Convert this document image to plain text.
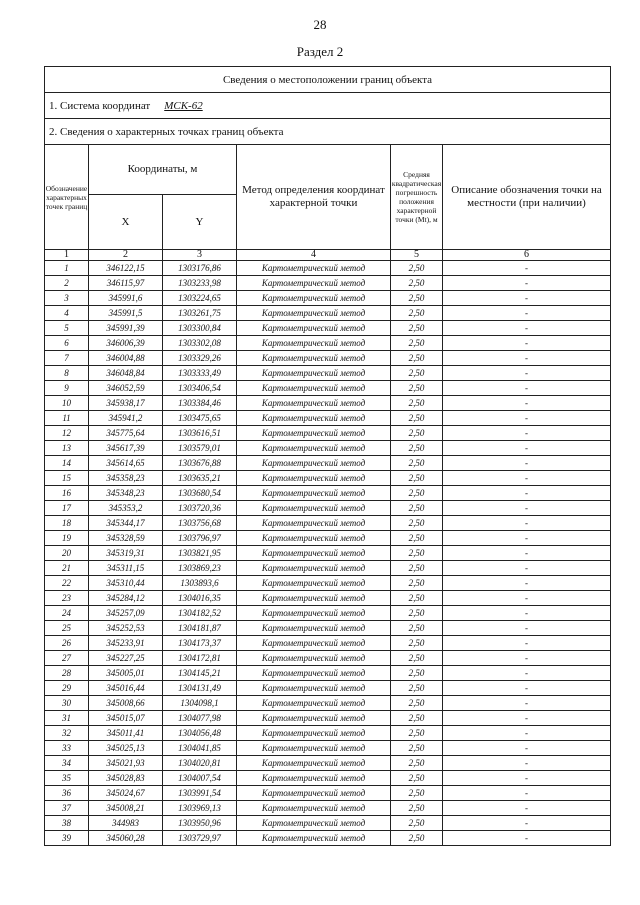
28
Раздел 2
Сведения о местоположении границ объекта					
1. Система координат МСК-62					
2. Сведения о характерных точках границ объекта					
Обозначение характерных точек границ	Координаты, м		Метод определения координат характерной точки	Средняя квадратическая погрешность положения характерной точки (Mt), м	Описание обозначения точки на местности (при наличии)
	X	Y			
1	2	3	4	5	6
1	346122,15	1303176,86	Картометрический метод	2,50	-
2	346115,97	1303233,98	Картометрический метод	2,50	-
3	345991,6	1303224,65	Картометрический метод	2,50	-
4	345991,5	1303261,75	Картометрический метод	2,50	-
5	345991,39	1303300,84	Картометрический метод	2,50	-
6	346006,39	1303302,08	Картометрический метод	2,50	-
7	346004,88	1303329,26	Картометрический метод	2,50	-
8	346048,84	1303333,49	Картометрический метод	2,50	-
9	346052,59	1303406,54	Картометрический метод	2,50	-
10	345938,17	1303384,46	Картометрический метод	2,50	-
11	345941,2	1303475,65	Картометрический метод	2,50	-
12	345775,64	1303616,51	Картометрический метод	2,50	-
13	345617,39	1303579,01	Картометрический метод	2,50	-
14	345614,65	1303676,88	Картометрический метод	2,50	-
15	345358,23	1303635,21	Картометрический метод	2,50	-
16	345348,23	1303680,54	Картометрический метод	2,50	-
17	345353,2	1303720,36	Картометрический метод	2,50	-
18	345344,17	1303756,68	Картометрический метод	2,50	-
19	345328,59	1303796,97	Картометрический метод	2,50	-
20	345319,31	1303821,95	Картометрический метод	2,50	-
21	345311,15	1303869,23	Картометрический метод	2,50	-
22	345310,44	1303893,6	Картометрический метод	2,50	-
23	345284,12	1304016,35	Картометрический метод	2,50	-
24	345257,09	1304182,52	Картометрический метод	2,50	-
25	345252,53	1304181,87	Картометрический метод	2,50	-
26	345233,91	1304173,37	Картометрический метод	2,50	-
27	345227,25	1304172,81	Картометрический метод	2,50	-
28	345005,01	1304145,21	Картометрический метод	2,50	-
29	345016,44	1304131,49	Картометрический метод	2,50	-
30	345008,66	1304098,1	Картометрический метод	2,50	-
31	345015,07	1304077,98	Картометрический метод	2,50	-
32	345011,41	1304056,48	Картометрический метод	2,50	-
33	345025,13	1304041,85	Картометрический метод	2,50	-
34	345021,93	1304020,81	Картометрический метод	2,50	-
35	345028,83	1304007,54	Картометрический метод	2,50	-
36	345024,67	1303991,54	Картометрический метод	2,50	-
37	345008,21	1303969,13	Картометрический метод	2,50	-
38	344983	1303950,96	Картометрический метод	2,50	-
39	345060,28	1303729,97	Картометрический метод	2,50	-
